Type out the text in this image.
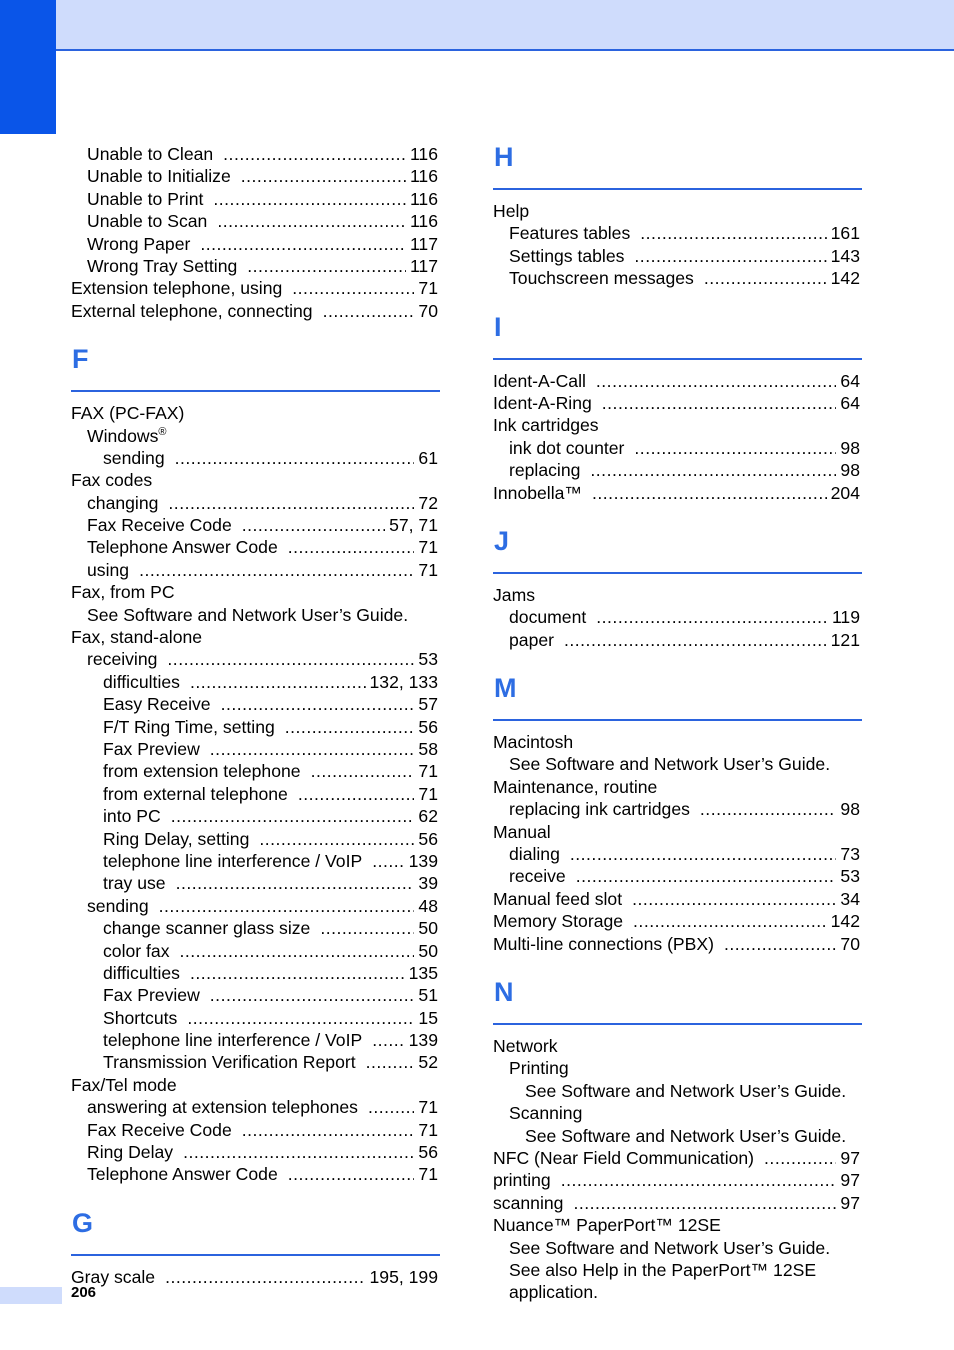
Unable to Clean .....	116
Unable to Initialize .....	116
Unable to Print .....	116
Unable to Scan .....	116
Wrong Paper .....	117
Wrong Tray Setting .....	117
Extension telephone, using .....	71
External telephone, connecting .....	70
F
FAX (PC-FAX)
Windows®
sending .....	61
Fax codes
changing .....	72
Fax Receive Code .....	57, 71
Telephone Answer Code .....	71
using .....	71
Fax, from PC
See Software and Network User’s Guide.
Fax, stand-alone
receiving .....	53
difficulties .....	132, 133
Easy Receive .....	57
F/T Ring Time, setting .....	56
Fax Preview .....	58
from extension telephone .....	71
from external telephone .....	71
into PC .....	62
Ring Delay, setting .....	56
telephone line interference / VoIP .....	139
tray use .....	39
sending .....	48
change scanner glass size .....	50
color fax .....	50
difficulties .....	135
Fax Preview .....	51
Shortcuts .....	15
telephone line interference / VoIP .....	139
Transmission Verification Report .....	52
Fax/Tel mode
answering at extension telephones .....	71
Fax Receive Code .....	71
Ring Delay .....	56
Telephone Answer Code .....	71
G
Gray scale .....	195, 199
H
Help
Features tables .....	161
Settings tables .....	143
Touchscreen messages .....	142
I
Ident-A-Call .....	64
Ident-A-Ring .....	64
Ink cartridges
ink dot counter .....	98
replacing .....	98
Innobella™ .....	204
J
Jams
document .....	119
paper .....	121
M
Macintosh
See Software and Network User’s Guide.
Maintenance, routine
replacing ink cartridges .....	98
Manual
dialing .....	73
receive .....	53
Manual feed slot .....	34
Memory Storage .....	142
Multi-line connections (PBX) .....	70
N
Network
Printing
See Software and Network User’s Guide.
Scanning
See Software and Network User’s Guide.
NFC (Near Field Communication) .....	97
printing .....	97
scanning .....	97
Nuance™ PaperPort™ 12SE
See Software and Network User’s Guide.
See also Help in the PaperPort™ 12SE
application.
206
